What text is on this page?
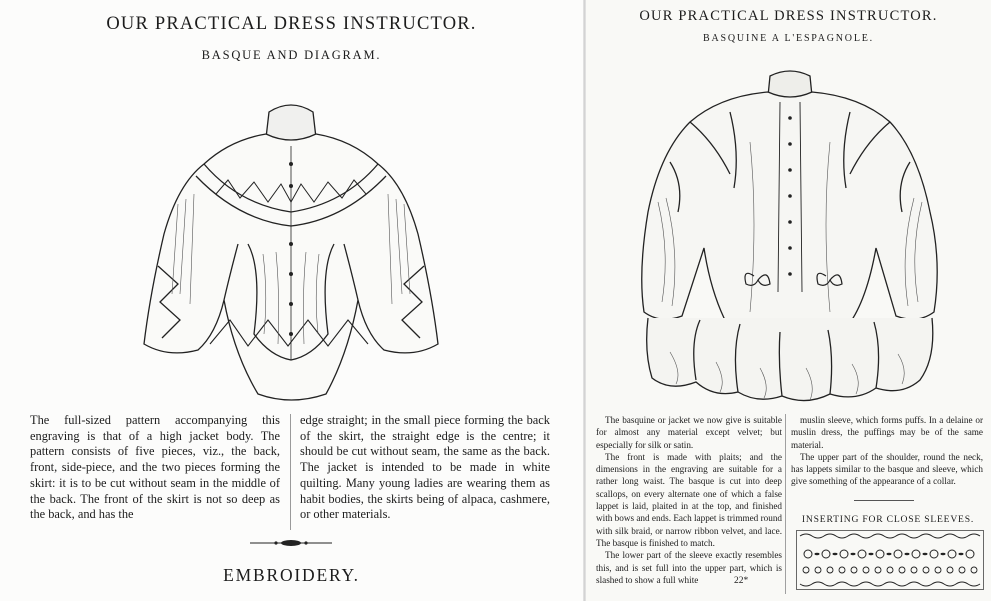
OUR PRACTICAL DRESS INSTRUCTOR.
BASQUE AND DIAGRAM.
The full-sized pattern accompanying this engraving is that of a high jacket body. The pattern consists of five pieces, viz., the back, front, side-piece, and the two pieces forming the skirt: it is to be cut without seam in the middle of the back. The front of the skirt is not so deep as the back, and has the
edge straight; in the small piece forming the back of the skirt, the straight edge is the centre; it should be cut without seam, the same as the back. The jacket is intended to be made in white quilting. Many young ladies are wearing them as habit bodies, the skirts being of alpaca, cashmere, or other materials.
EMBROIDERY.
OUR PRACTICAL DRESS INSTRUCTOR.
BASQUINE A L'ESPAGNOLE.

The basquine or jacket we now give is suitable for almost any material except velvet; but especially for silk or satin.

The front is made with plaits; and the dimensions in the engraving are suitable for a rather long waist. The basque is cut into deep scallops, on every alternate one of which a false lappet is laid, plaited in at the top, and finished with bows and ends. Each lappet is trimmed round with silk braid, or narrow ribbon velvet, and lace. The basque is finished to match.

The lower part of the sleeve exactly resembles this, and is set full into the upper part, which is slashed to show a full white

muslin sleeve, which forms puffs. In a delaine or muslin dress, the puffings may be of the same material.

The upper part of the shoulder, round the neck, has lappets similar to the basque and sleeve, which give something of the appearance of a collar.

22*
INSERTING FOR CLOSE SLEEVES.
